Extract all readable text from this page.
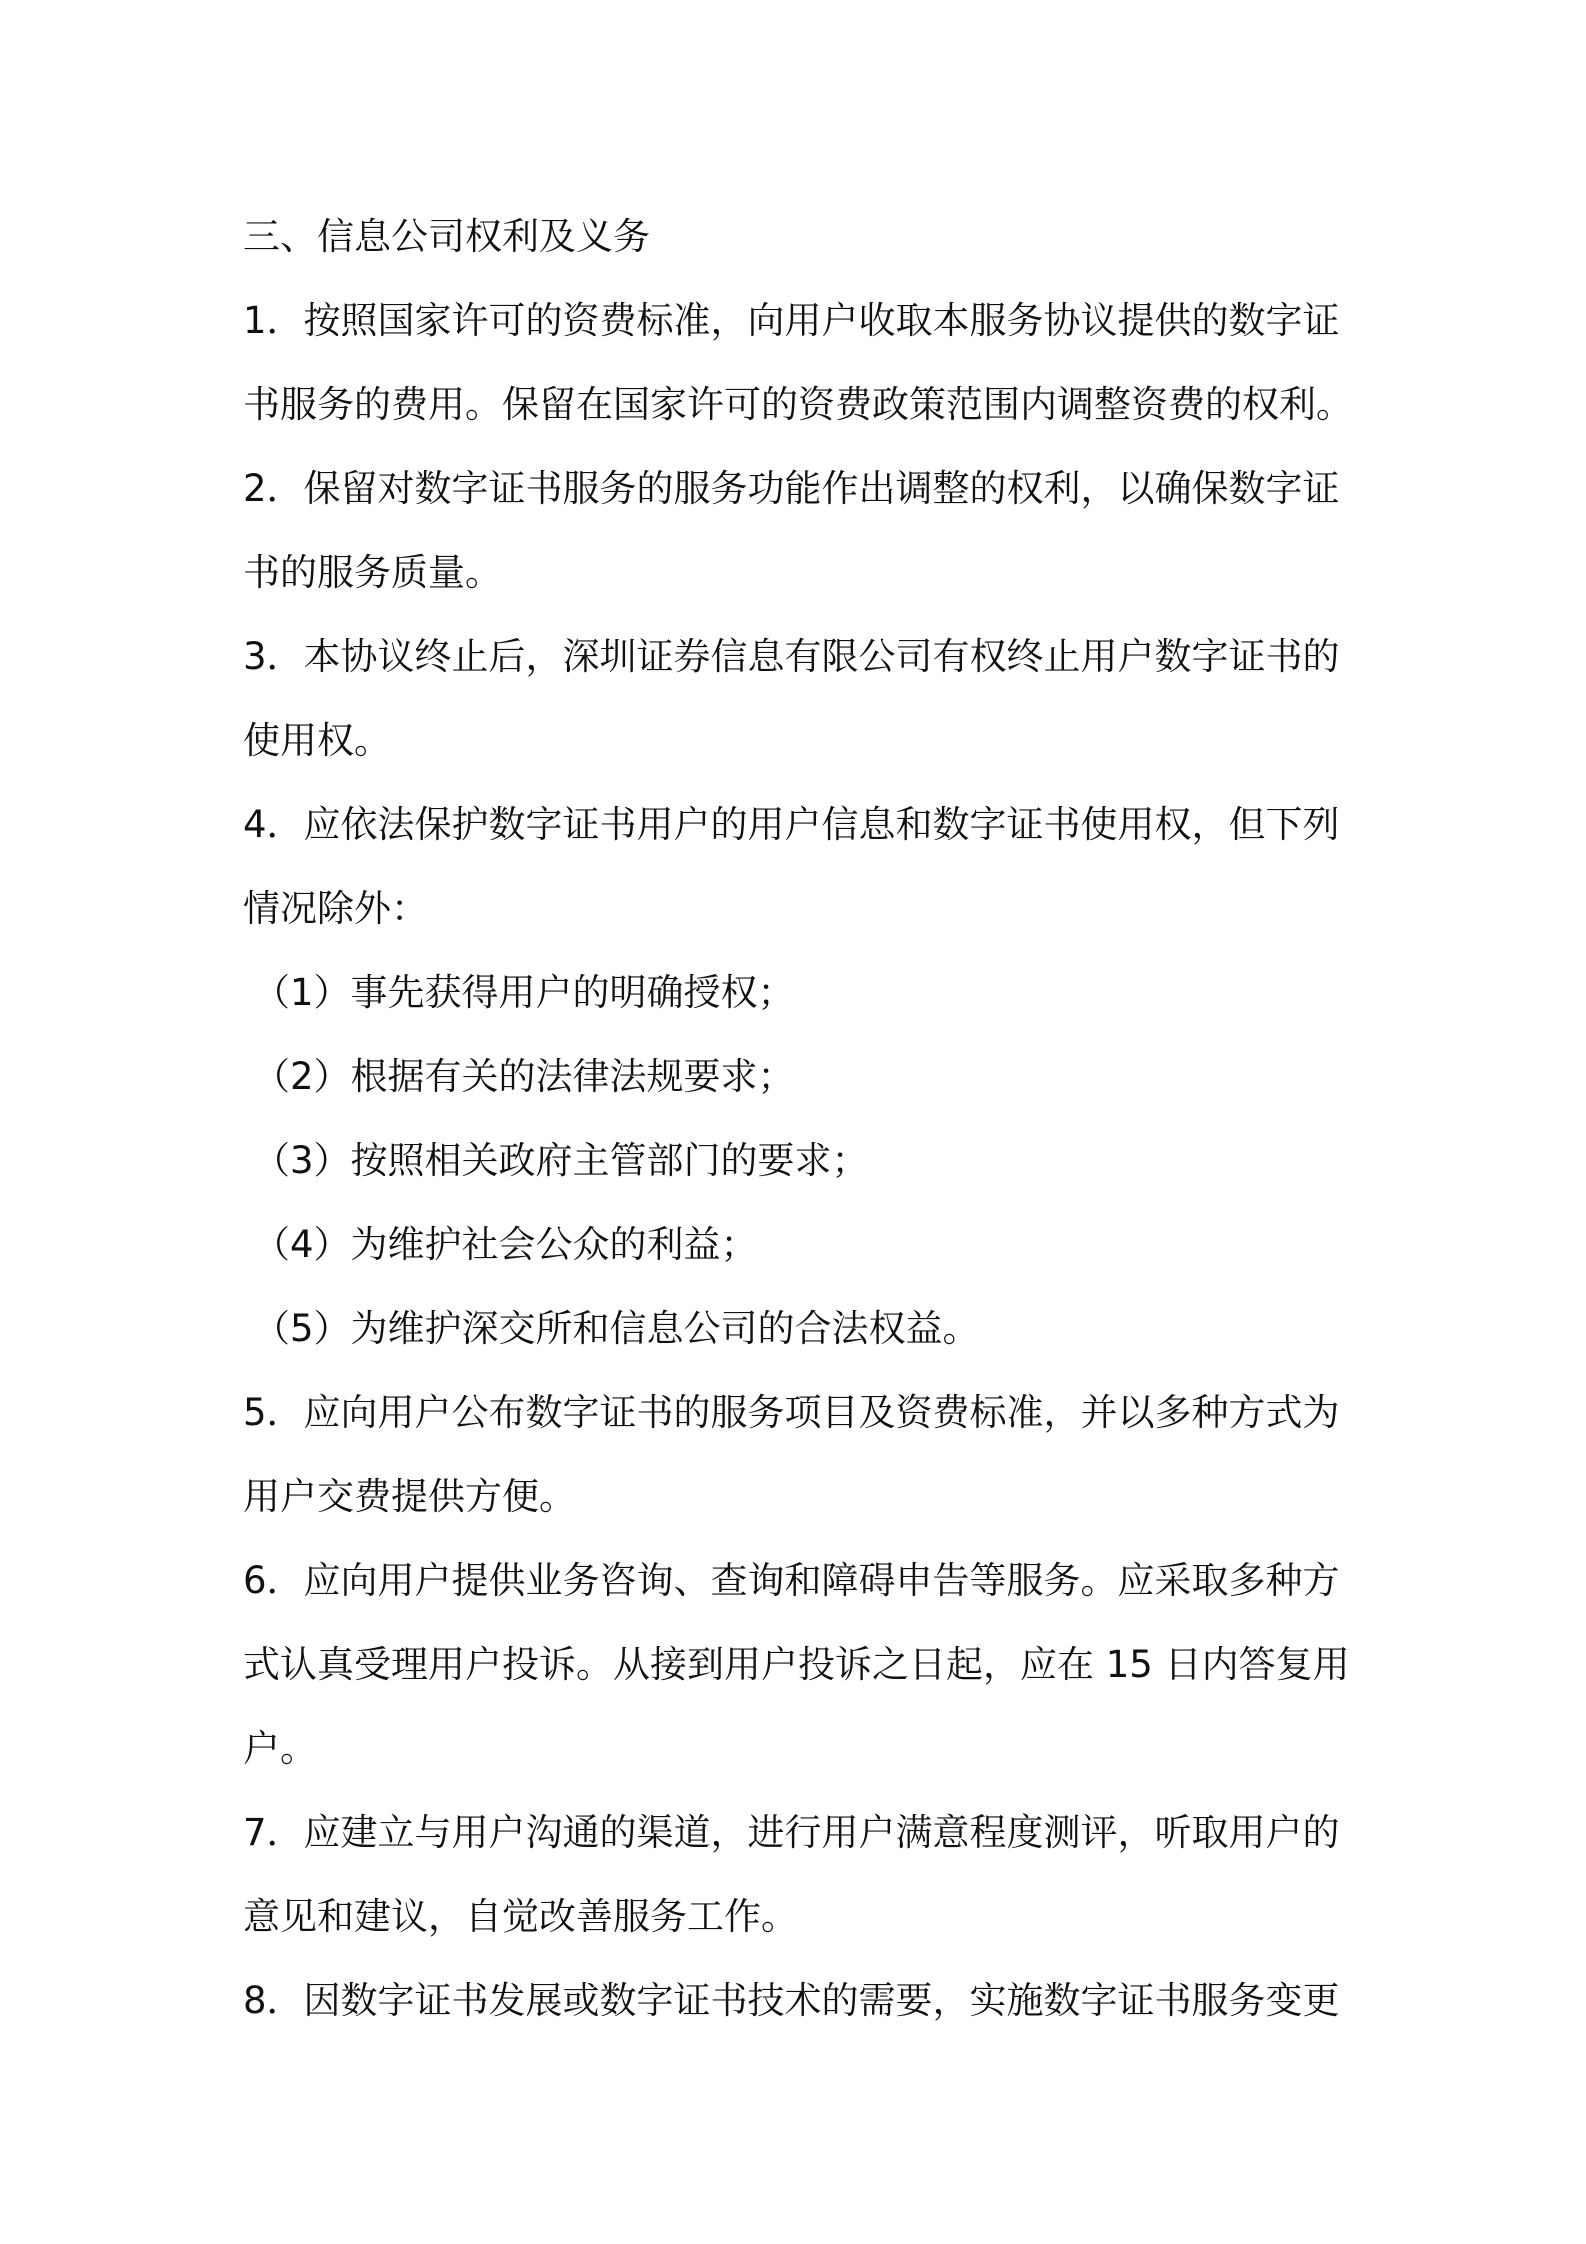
三、信息公司权利及义务
1．按照国家许可的资费标准，向用户收取本服务协议提供的数字证
书服务的费用。保留在国家许可的资费政策范围内调整资费的权利。
2．保留对数字证书服务的服务功能作出调整的权利，以确保数字证
书的服务质量。
3．本协议终止后，深圳证券信息有限公司有权终止用户数字证书的
使用权。
4．应依法保护数字证书用户的用户信息和数字证书使用权，但下列
情况除外：
（1）事先获得用户的明确授权；
（2）根据有关的法律法规要求；
（3）按照相关政府主管部门的要求；
（4）为维护社会公众的利益；
（5）为维护深交所和信息公司的合法权益。
5．应向用户公布数字证书的服务项目及资费标准，并以多种方式为
用户交费提供方便。
6．应向用户提供业务咨询、查询和障碍申告等服务。应采取多种方
式认真受理用户投诉。从接到用户投诉之日起，应在 15 日内答复用
户。
7．应建立与用户沟通的渠道，进行用户满意程度测评，听取用户的
意见和建议，自觉改善服务工作。
8．因数字证书发展或数字证书技术的需要，实施数字证书服务变更
